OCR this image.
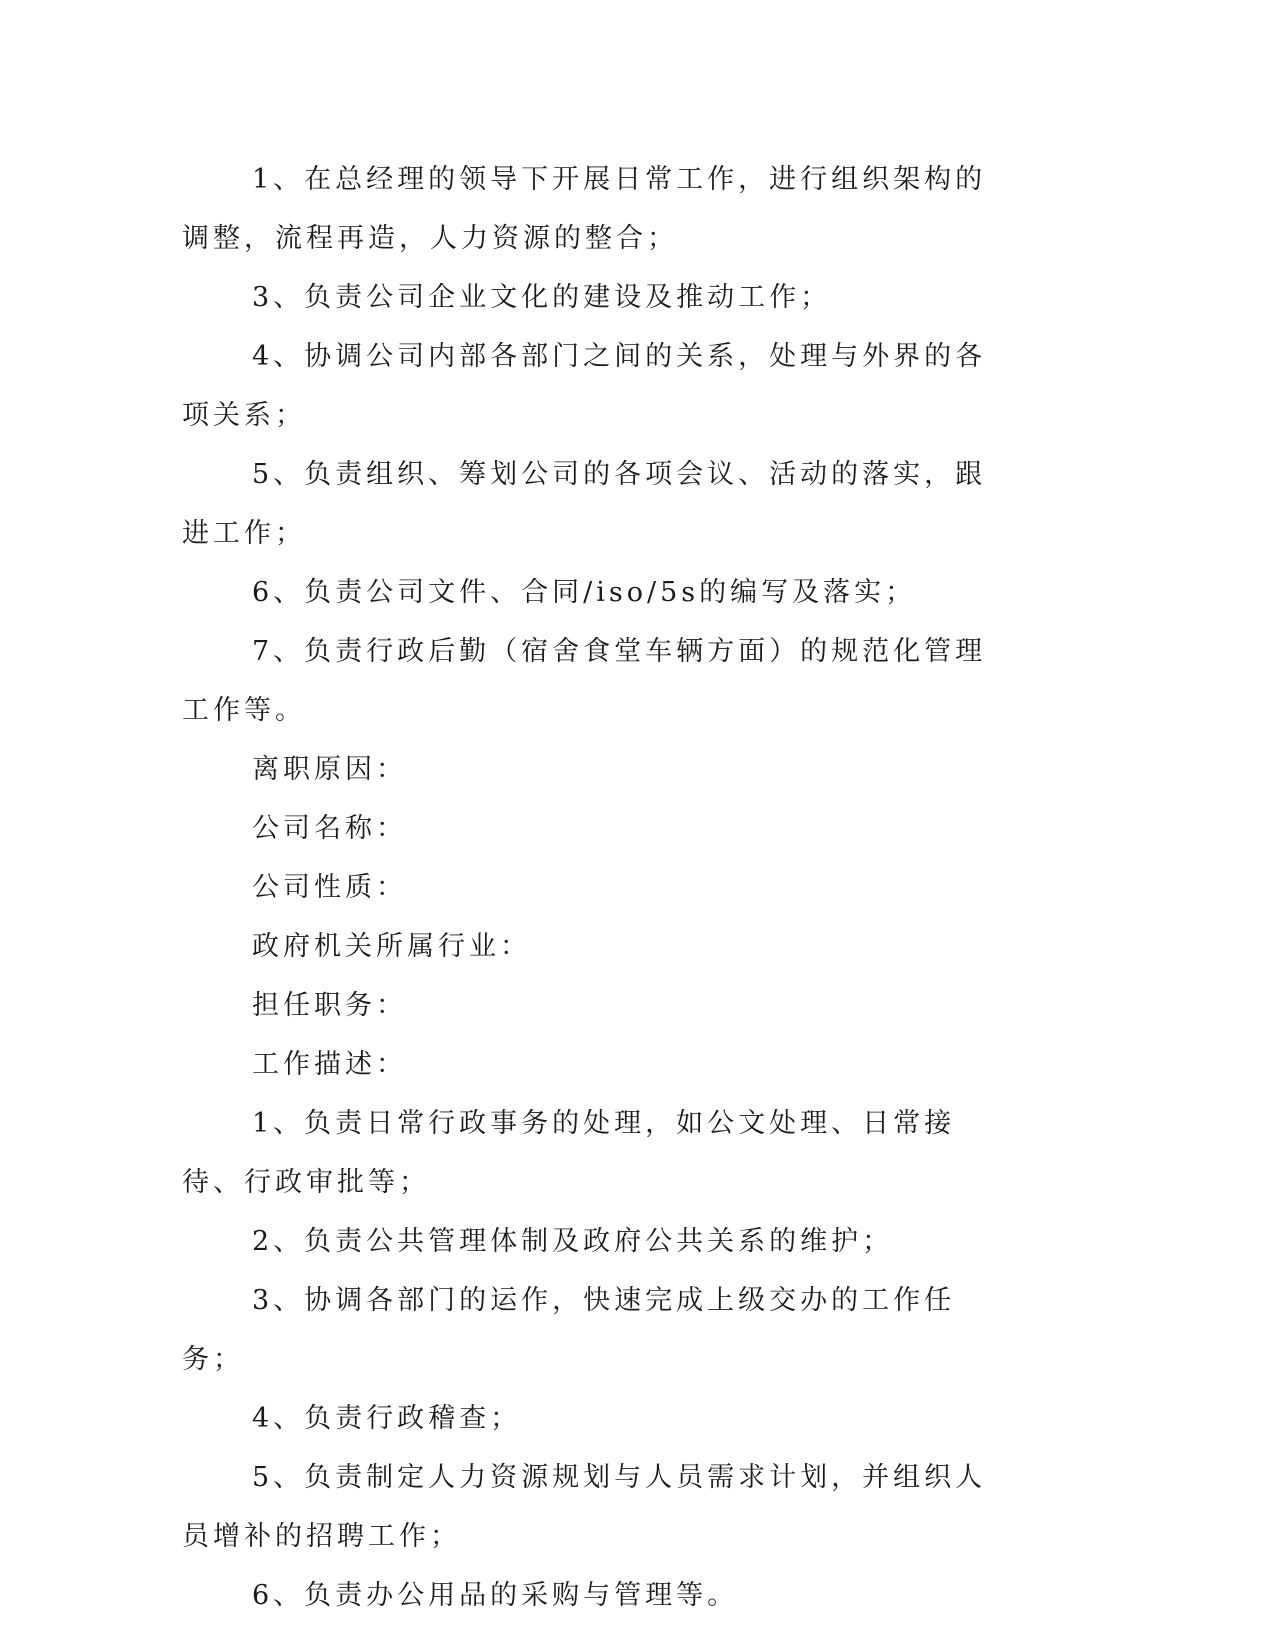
1、在总经理的领导下开展日常工作，进行组织架构的调整，流程再造，人力资源的整合；

3、负责公司企业文化的建设及推动工作；

4、协调公司内部各部门之间的关系，处理与外界的各项关系；

5、负责组织、筹划公司的各项会议、活动的落实，跟进工作；

6、负责公司文件、合同/iso/5s的编写及落实；

7、负责行政后勤（宿舍食堂车辆方面）的规范化管理工作等。

离职原因：

公司名称：

公司性质：

政府机关所属行业：

担任职务：

工作描述：

1、负责日常行政事务的处理，如公文处理、日常接待、行政审批等；

2、负责公共管理体制及政府公共关系的维护；

3、协调各部门的运作，快速完成上级交办的工作任务；

4、负责行政稽查；

5、负责制定人力资源规划与人员需求计划，并组织人员增补的招聘工作；

6、负责办公用品的采购与管理等。
